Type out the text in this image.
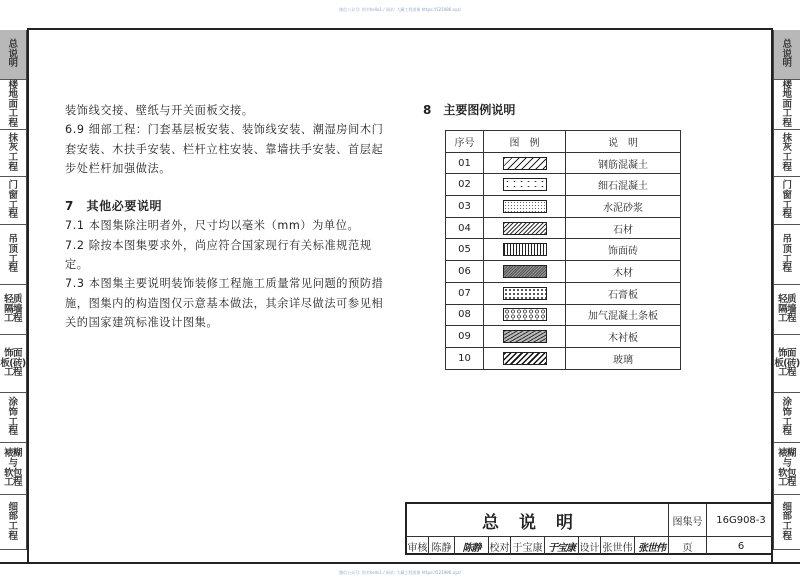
微信公众号: 图书hello1 / 网站: 大藏工程图册 https://521986.xyz/
总
说
明
楼
地
面
工
程
抹
灰
工
程
门
窗
工
程
吊
顶
工
程
轻质
隔墙
工程
饰面
板(砖)
工程
涂
饰
工
程
裱糊
与
软包
工程
细
部
工
程
总
说
明
楼
地
面
工
程
抹
灰
工
程
门
窗
工
程
吊
顶
工
程
轻质
隔墙
工程
饰面
板(砖)
工程
涂
饰
工
程
裱糊
与
软包
工程
细
部
工
程

装饰线交接、壁纸与开关面板交接。

6.9 细部工程：门套基层板安装、装饰线安装、潮湿房间木门套安装、木扶手安装、栏杆立柱安装、靠墙扶手安装、首层起步处栏杆加强做法。

7　其他必要说明

7.1 本图集除注明者外，尺寸均以毫米（mm）为单位。

7.2 除按本图集要求外，尚应符合国家现行有关标准规范规定。

7.3 本图集主要说明装饰装修工程施工质量常见问题的预防措施，图集内的构造图仅示意基本做法，其余详尽做法可参见相关的国家建筑标准设计图集。

8　主要图例说明
序号	图　例	说　明
01		钢筋混凝土
02		细石混凝土
03		水泥砂浆
04		石材
05		饰面砖
06		木材
07		石膏板
08		加气混凝土条板
09		木衬板
10		玻璃
总说明	图集号	16G908-3
审核 陈静	陈静 校对 于宝康 于宝康 设计 张世伟 张世伟	页	6
微信公众号: 图书hello1 / 网站: 大藏工程图册 https://521986.xyz/
